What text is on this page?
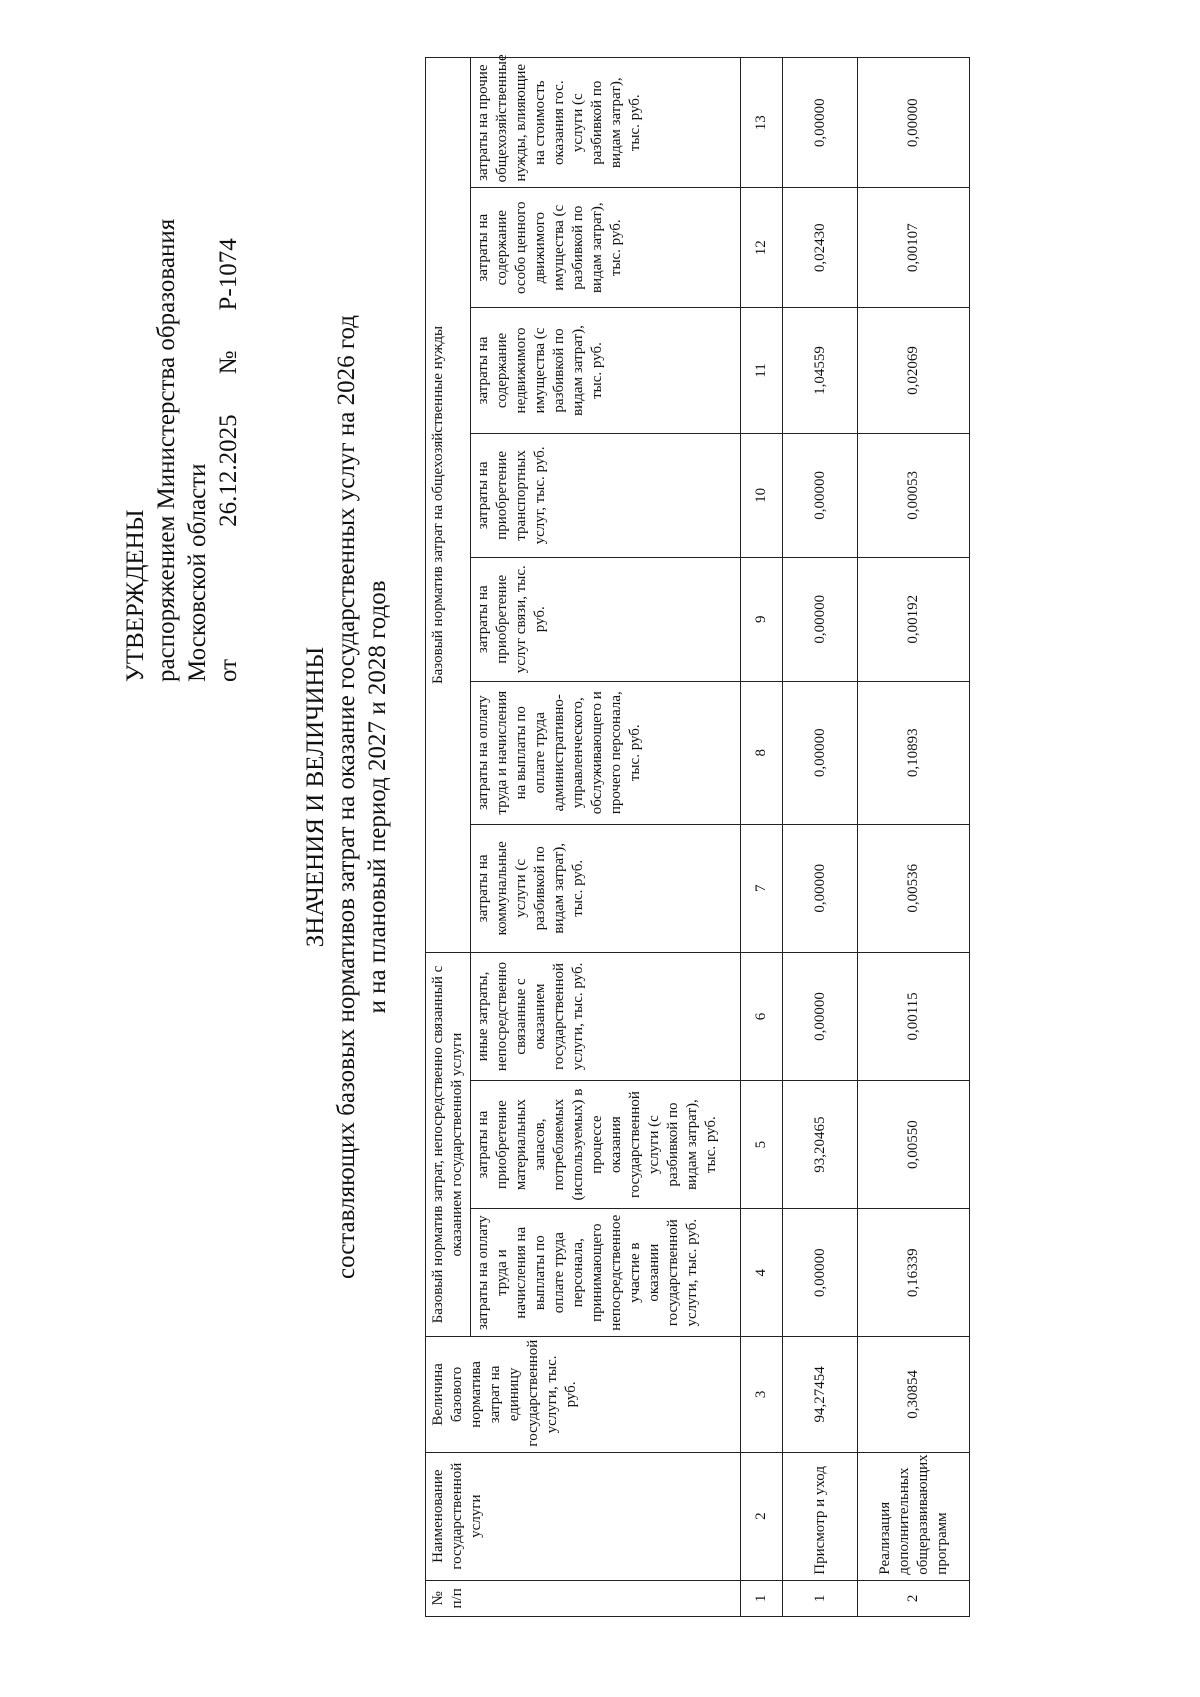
УТВЕРЖДЕНЫ распоряжением Министерства образования Московской области от
26.12.2025
№
Р-1074
ЗНАЧЕНИЯ И ВЕЛИЧИНЫ составляющих базовых нормативов затрат на оказание государственных услуг на 2026 год и на плановый период 2027 и 2028 годов
№ п/п	Наименование государственной услуги	Величина базового норматива затрат на единицу государственной услуги, тыс. руб.	Базовый норматив затрат, непосредственно связанный с оказанием государственной услуги			Базовый норматив затрат на общехозяйственные нужды						
			затраты на оплату труда и начисления на выплаты по оплате труда персонала, принимающего непосредственное участие в оказании государственной услуги, тыс. руб.	затраты на приобретение материальных запасов, потребляемых (используемых) в процессе оказания государственной услуги (с разбивкой по видам затрат), тыс. руб.	иные затраты, непосредственно связанные с оказанием государственной услуги, тыс. руб.	затраты на коммунальные услуги (с разбивкой по видам затрат), тыс. руб.	затраты на оплату труда и начисления на выплаты по оплате труда административно-управленческого, обслуживающего и прочего персонала, тыс. руб.	затраты на приобретение услуг связи, тыс. руб.	затраты на приобретение транспортных услуг, тыс. руб.	затраты на содержание недвижимого имущества (с разбивкой по видам затрат), тыс. руб.	затраты на содержание особо ценного движимого имущества (с разбивкой по видам затрат), тыс. руб.	затраты на прочие общехозяйственные нужды, влияющие на стоимость оказания гос. услуги (с разбивкой по видам затрат), тыс. руб.
1	2	3	4	5	6	7	8	9	10	11	12	13
1	Присмотр и уход	94,27454	0,00000	93,20465	0,00000	0,00000	0,00000	0,00000	0,00000	1,04559	0,02430	0,00000
2	Реализация дополнительных общеразвивающих программ	0,30854	0,16339	0,00550	0,00115	0,00536	0,10893	0,00192	0,00053	0,02069	0,00107	0,00000
